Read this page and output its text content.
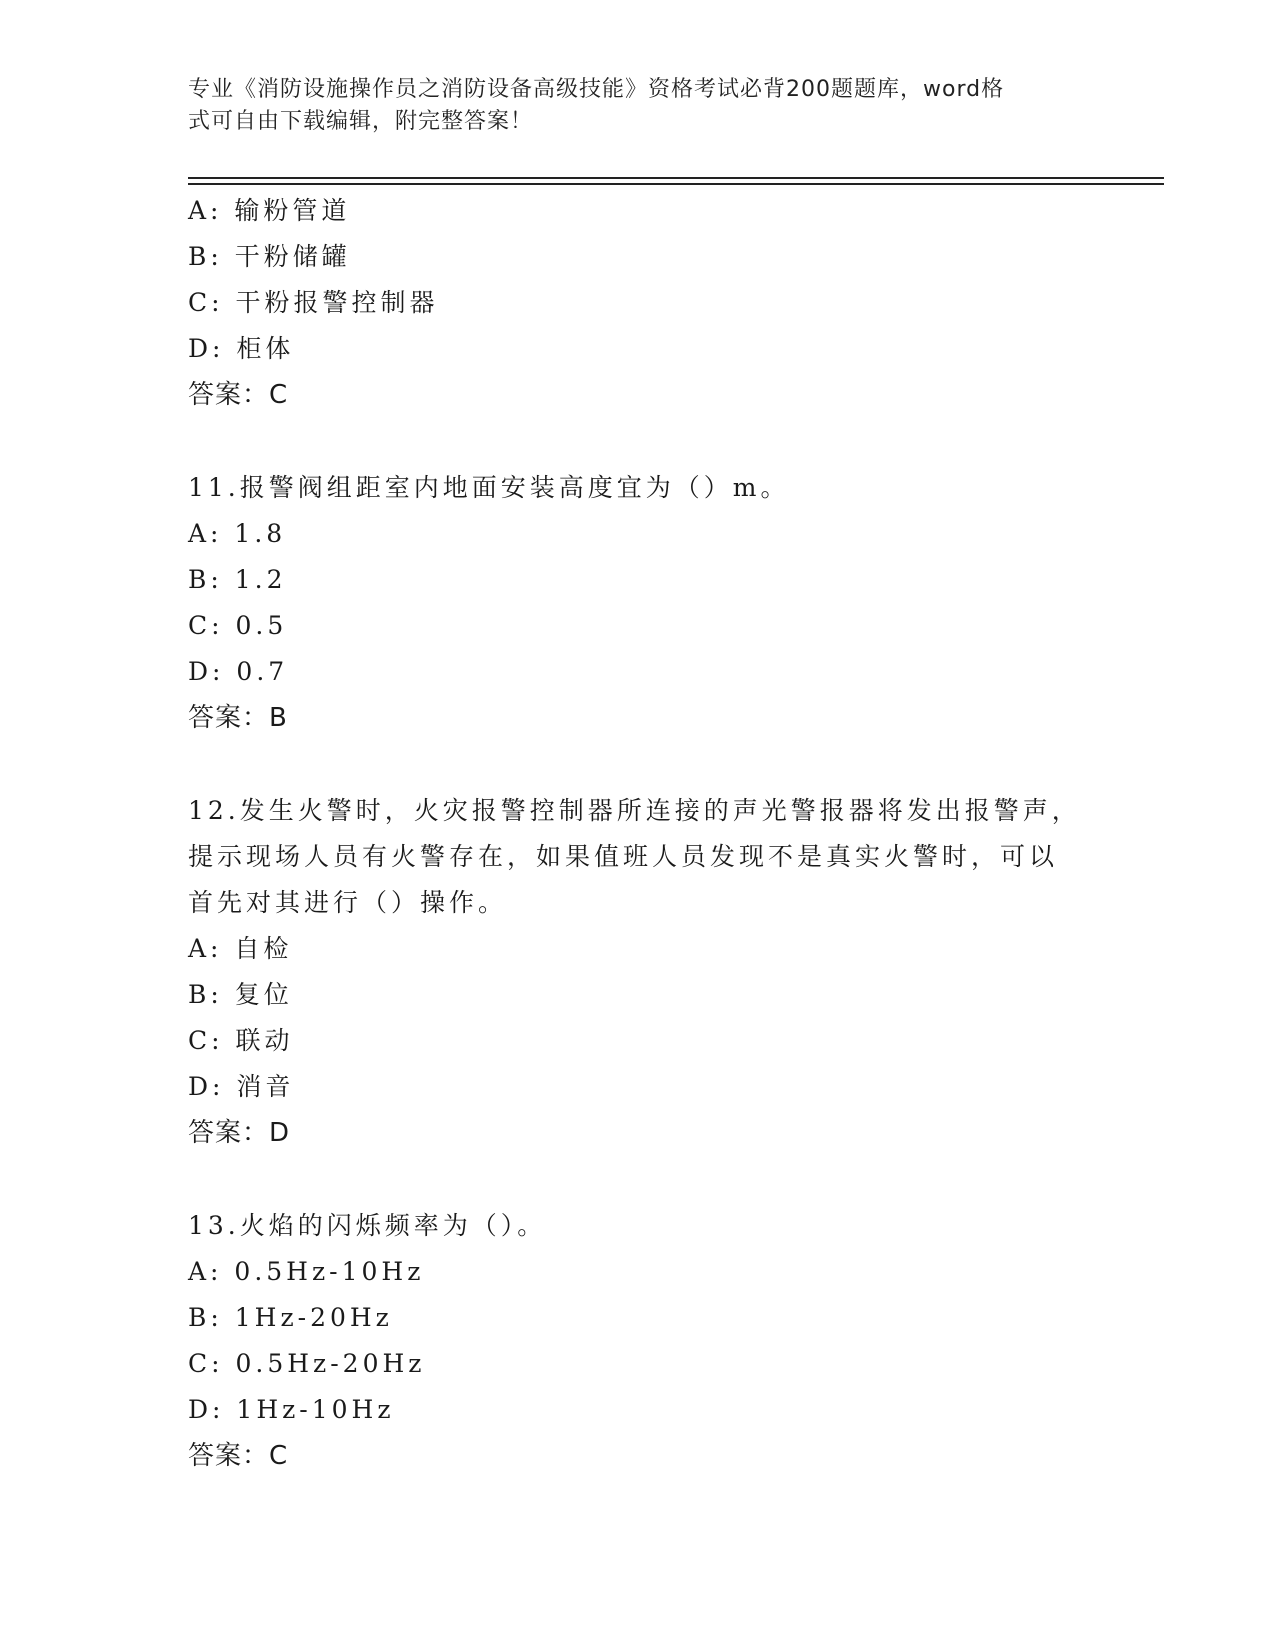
专业《消防设施操作员之消防设备高级技能》资格考试必背200题题库，word格
式可自由下载编辑，附完整答案！
A: 输粉管道
B: 干粉储罐
C: 干粉报警控制器
D: 柜体
答案：C
11.报警阀组距室内地面安装高度宜为（）m。
A: 1.8
B: 1.2
C: 0.5
D: 0.7
答案：B
12.发生火警时，火灾报警控制器所连接的声光警报器将发出报警声，
提示现场人员有火警存在，如果值班人员发现不是真实火警时，可以
首先对其进行（）操作。
A: 自检
B: 复位
C: 联动
D: 消音
答案：D
13.火焰的闪烁频率为（）。
A: 0.5Hz-10Hz
B: 1Hz-20Hz
C: 0.5Hz-20Hz
D: 1Hz-10Hz
答案：C
